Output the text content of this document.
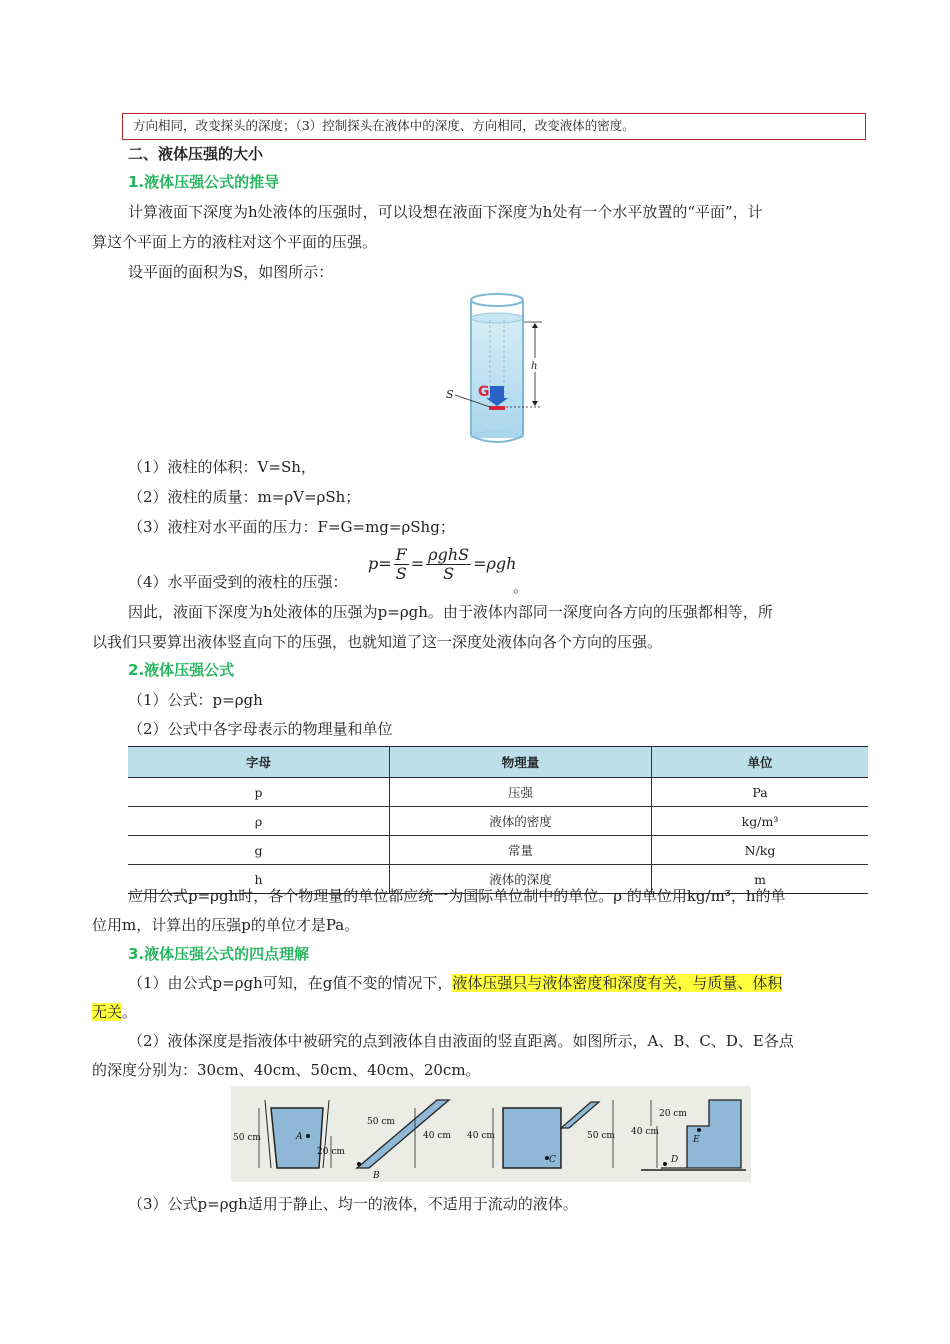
方向相同，改变探头的深度；（3）控制探头在液体中的深度、方向相同，改变液体的密度。
二、液体压强的大小
1.液体压强公式的推导
计算液面下深度为h处液体的压强时，可以设想在液面下深度为h处有一个水平放置的“平面”，计
算这个平面上方的液柱对这个平面的压强。
设平面的面积为S，如图所示：
G
S
h
（1）液柱的体积：V=Sh，
（2）液柱的质量：m=ρV=ρSh；
（3）液柱对水平面的压力：F=G=mg=ρShg；
（4）水平面受到的液柱的压强：
$p= \frac{F}{S} = \frac{\text{ρghS}}{S} =\rho gh$
。
因此，液面下深度为h处液体的压强为p=ρgh。由于液体内部同一深度向各方向的压强都相等，所
以我们只要算出液体竖直向下的压强，也就知道了这一深度处液体向各个方向的压强。
2.液体压强公式
（1）公式：p=ρgh
（2）公式中各字母表示的物理量和单位
字母	物理量	单位
p	压强	Pa
ρ	液体的密度	kg/m³
g	常量	N/kg
h	液体的深度	m
应用公式p=ρgh时，各个物理量的单位都应统一为国际单位制中的单位。ρ 的单位用kg/m³，h的单
位用m，计算出的压强p的单位才是Pa。
3.液体压强公式的四点理解
（1）由公式p=ρgh可知，在g值不变的情况下，液体压强只与液体密度和深度有关，与质量、体积
无关。
（2）液体深度是指液体中被研究的点到液体自由液面的竖直距离。如图所示，A、B、C、D、E各点
的深度分别为：30cm、40cm、50cm、40cm、20cm。
50 cm	A
20 cm
50 cm
40 cm
B
40 cm	50 cm
C
20 cm
40 cm
E
D
（3）公式p=ρgh适用于静止、均一的液体，不适用于流动的液体。
